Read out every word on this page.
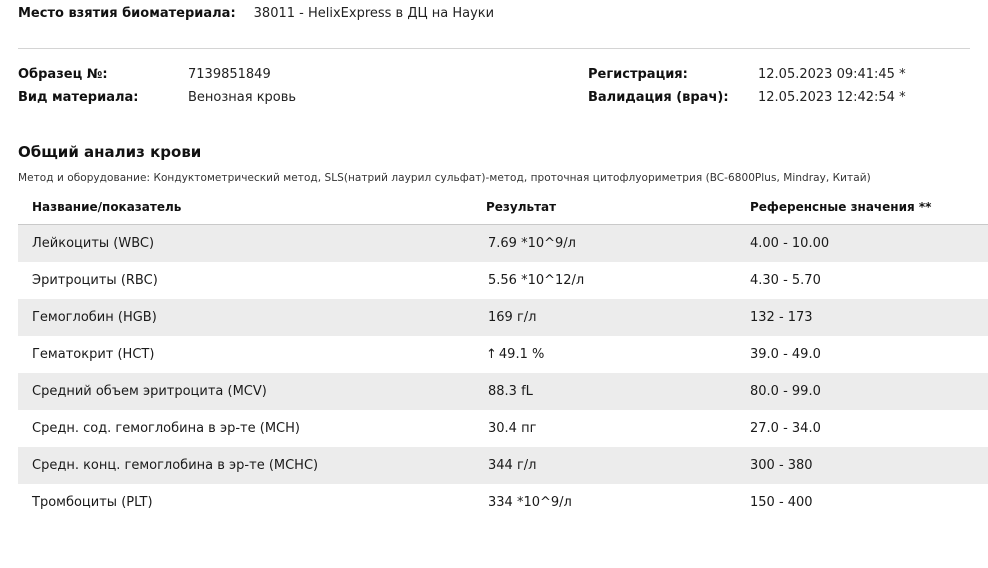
Место взятия биоматериала: 38011 - HelixExpress в ДЦ на Науки
Образец №:	7139851849
Вид материала:	Венозная кровь
Регистрация:	12.05.2023 09:41:45 *
Валидация (врач):	12.05.2023 12:42:54 *
Общий анализ крови
Метод и оборудование: Кондуктометрический метод, SLS(натрий лаурил сульфат)-метод, проточная цитофлуориметрия (BC-6800Plus, Mindray, Китай)
Название/показатель	Результат	Референсные значения **
Лейкоциты (WBC)	7.69 *10^9/л	4.00 - 10.00
Эритроциты (RBC)	5.56 *10^12/л	4.30 - 5.70
Гемоглобин (HGB)	169 г/л	132 - 173
Гематокрит (HCT)	↑ 49.1 %	39.0 - 49.0
Средний объем эритроцита (MCV)	88.3 fL	80.0 - 99.0
Средн. сод. гемоглобина в эр-те (MCH)	30.4 пг	27.0 - 34.0
Средн. конц. гемоглобина в эр-те (MCHC)	344 г/л	300 - 380
Тромбоциты (PLT)	334 *10^9/л	150 - 400
